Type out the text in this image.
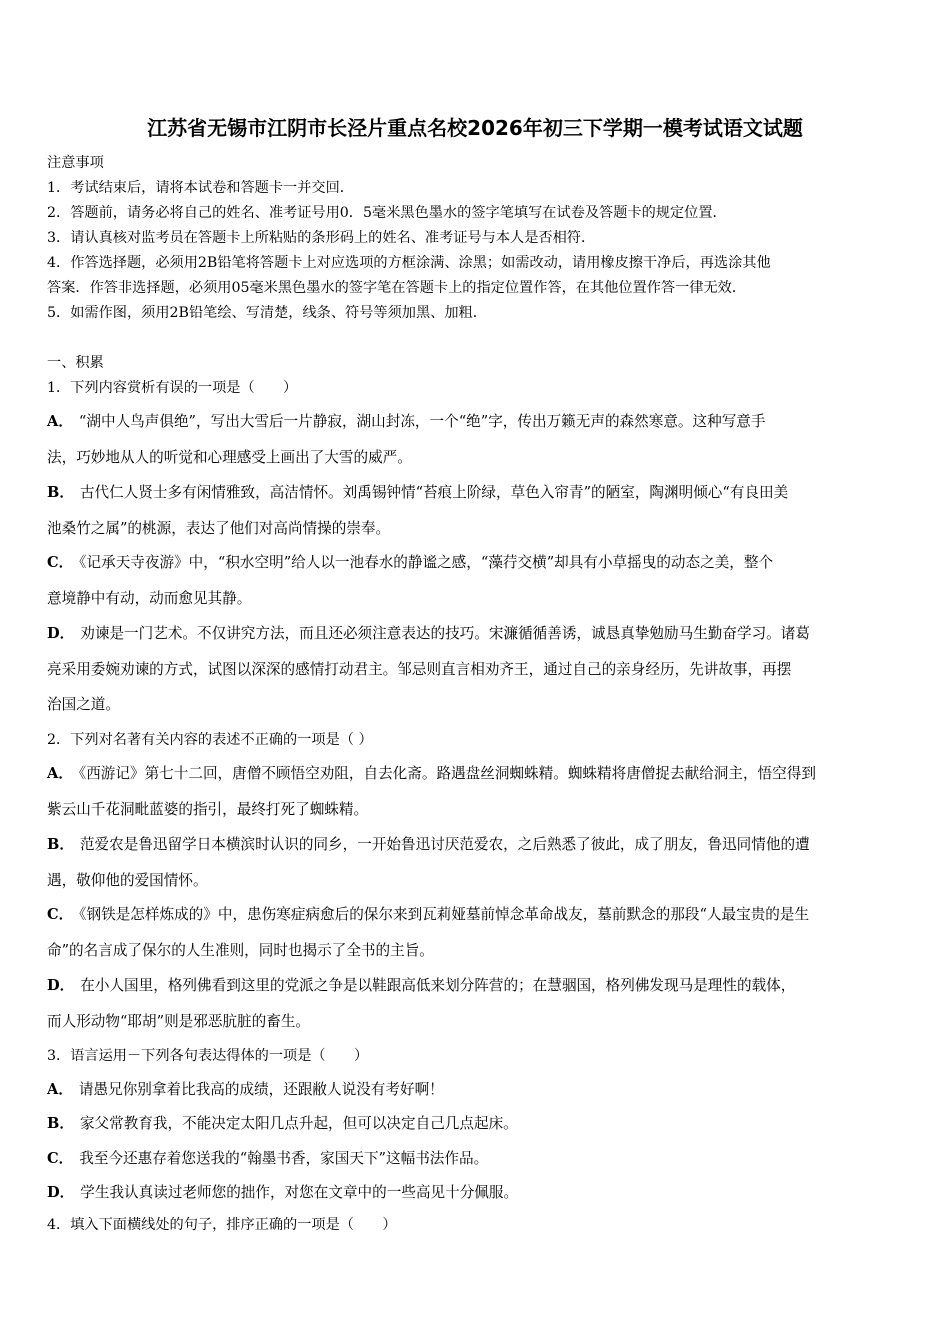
江苏省无锡市江阴市长泾片重点名校2026年初三下学期一模考试语文试题
注意事项
1．考试结束后，请将本试卷和答题卡一并交回．
2．答题前，请务必将自己的姓名、准考证号用0．5毫米黑色墨水的签字笔填写在试卷及答题卡的规定位置．
3．请认真核对监考员在答题卡上所粘贴的条形码上的姓名、准考证号与本人是否相符．
4．作答选择题，必须用2B铅笔将答题卡上对应选项的方框涂满、涂黑；如需改动，请用橡皮擦干净后，再选涂其他
答案．作答非选择题，必须用05毫米黑色墨水的签字笔在答题卡上的指定位置作答，在其他位置作答一律无效．
5．如需作图，须用2B铅笔绘、写清楚，线条、符号等须加黑、加粗．
一、积累
1．下列内容赏析有误的一项是（　　）
A． “湖中人鸟声俱绝”，写出大雪后一片静寂，湖山封冻，一个“绝”字，传出万籁无声的森然寒意。这种写意手
法，巧妙地从人的听觉和心理感受上画出了大雪的威严。
B． 古代仁人贤士多有闲情雅致，高洁情怀。刘禹锡钟情“苔痕上阶绿，草色入帘青”的陋室，陶渊明倾心“有良田美
池桑竹之属”的桃源，表达了他们对高尚情操的崇奉。
C． 《记承天寺夜游》中，“积水空明”给人以一池春水的静谧之感，“藻荇交横”却具有小草摇曳的动态之美，整个
意境静中有动，动而愈见其静。
D． 劝谏是一门艺术。不仅讲究方法，而且还必须注意表达的技巧。宋濂循循善诱，诚恳真挚勉励马生勤奋学习。诸葛
亮采用委婉劝谏的方式，试图以深深的感情打动君主。邹忌则直言相劝齐王，通过自己的亲身经历，先讲故事，再摆
治国之道。
2．下列对名著有关内容的表述不正确的一项是（ ）
A． 《西游记》第七十二回，唐僧不顾悟空劝阻，自去化斋。路遇盘丝洞蜘蛛精。蜘蛛精将唐僧捉去献给洞主，悟空得到
紫云山千花洞毗蓝婆的指引，最终打死了蜘蛛精。
B． 范爱农是鲁迅留学日本横滨时认识的同乡，一开始鲁迅讨厌范爱农，之后熟悉了彼此，成了朋友，鲁迅同情他的遭
遇，敬仰他的爱国情怀。
C． 《钢铁是怎样炼成的》中，患伤寒症病愈后的保尔来到瓦莉娅墓前悼念革命战友，墓前默念的那段“人最宝贵的是生
命”的名言成了保尔的人生准则，同时也揭示了全书的主旨。
D． 在小人国里，格列佛看到这里的党派之争是以鞋跟高低来划分阵营的；在慧骃国，格列佛发现马是理性的载体，
而人形动物“耶胡”则是邪恶肮脏的畜生。
3．语言运用－下列各句表达得体的一项是（　　）
A． 请愚兄你别拿着比我高的成绩，还跟敝人说没有考好啊！
B． 家父常教育我，不能决定太阳几点升起，但可以决定自己几点起床。
C． 我至今还惠存着您送我的“翰墨书香，家国天下”这幅书法作品。
D． 学生我认真读过老师您的拙作，对您在文章中的一些高见十分佩服。
4．填入下面横线处的句子，排序正确的一项是（　　）
